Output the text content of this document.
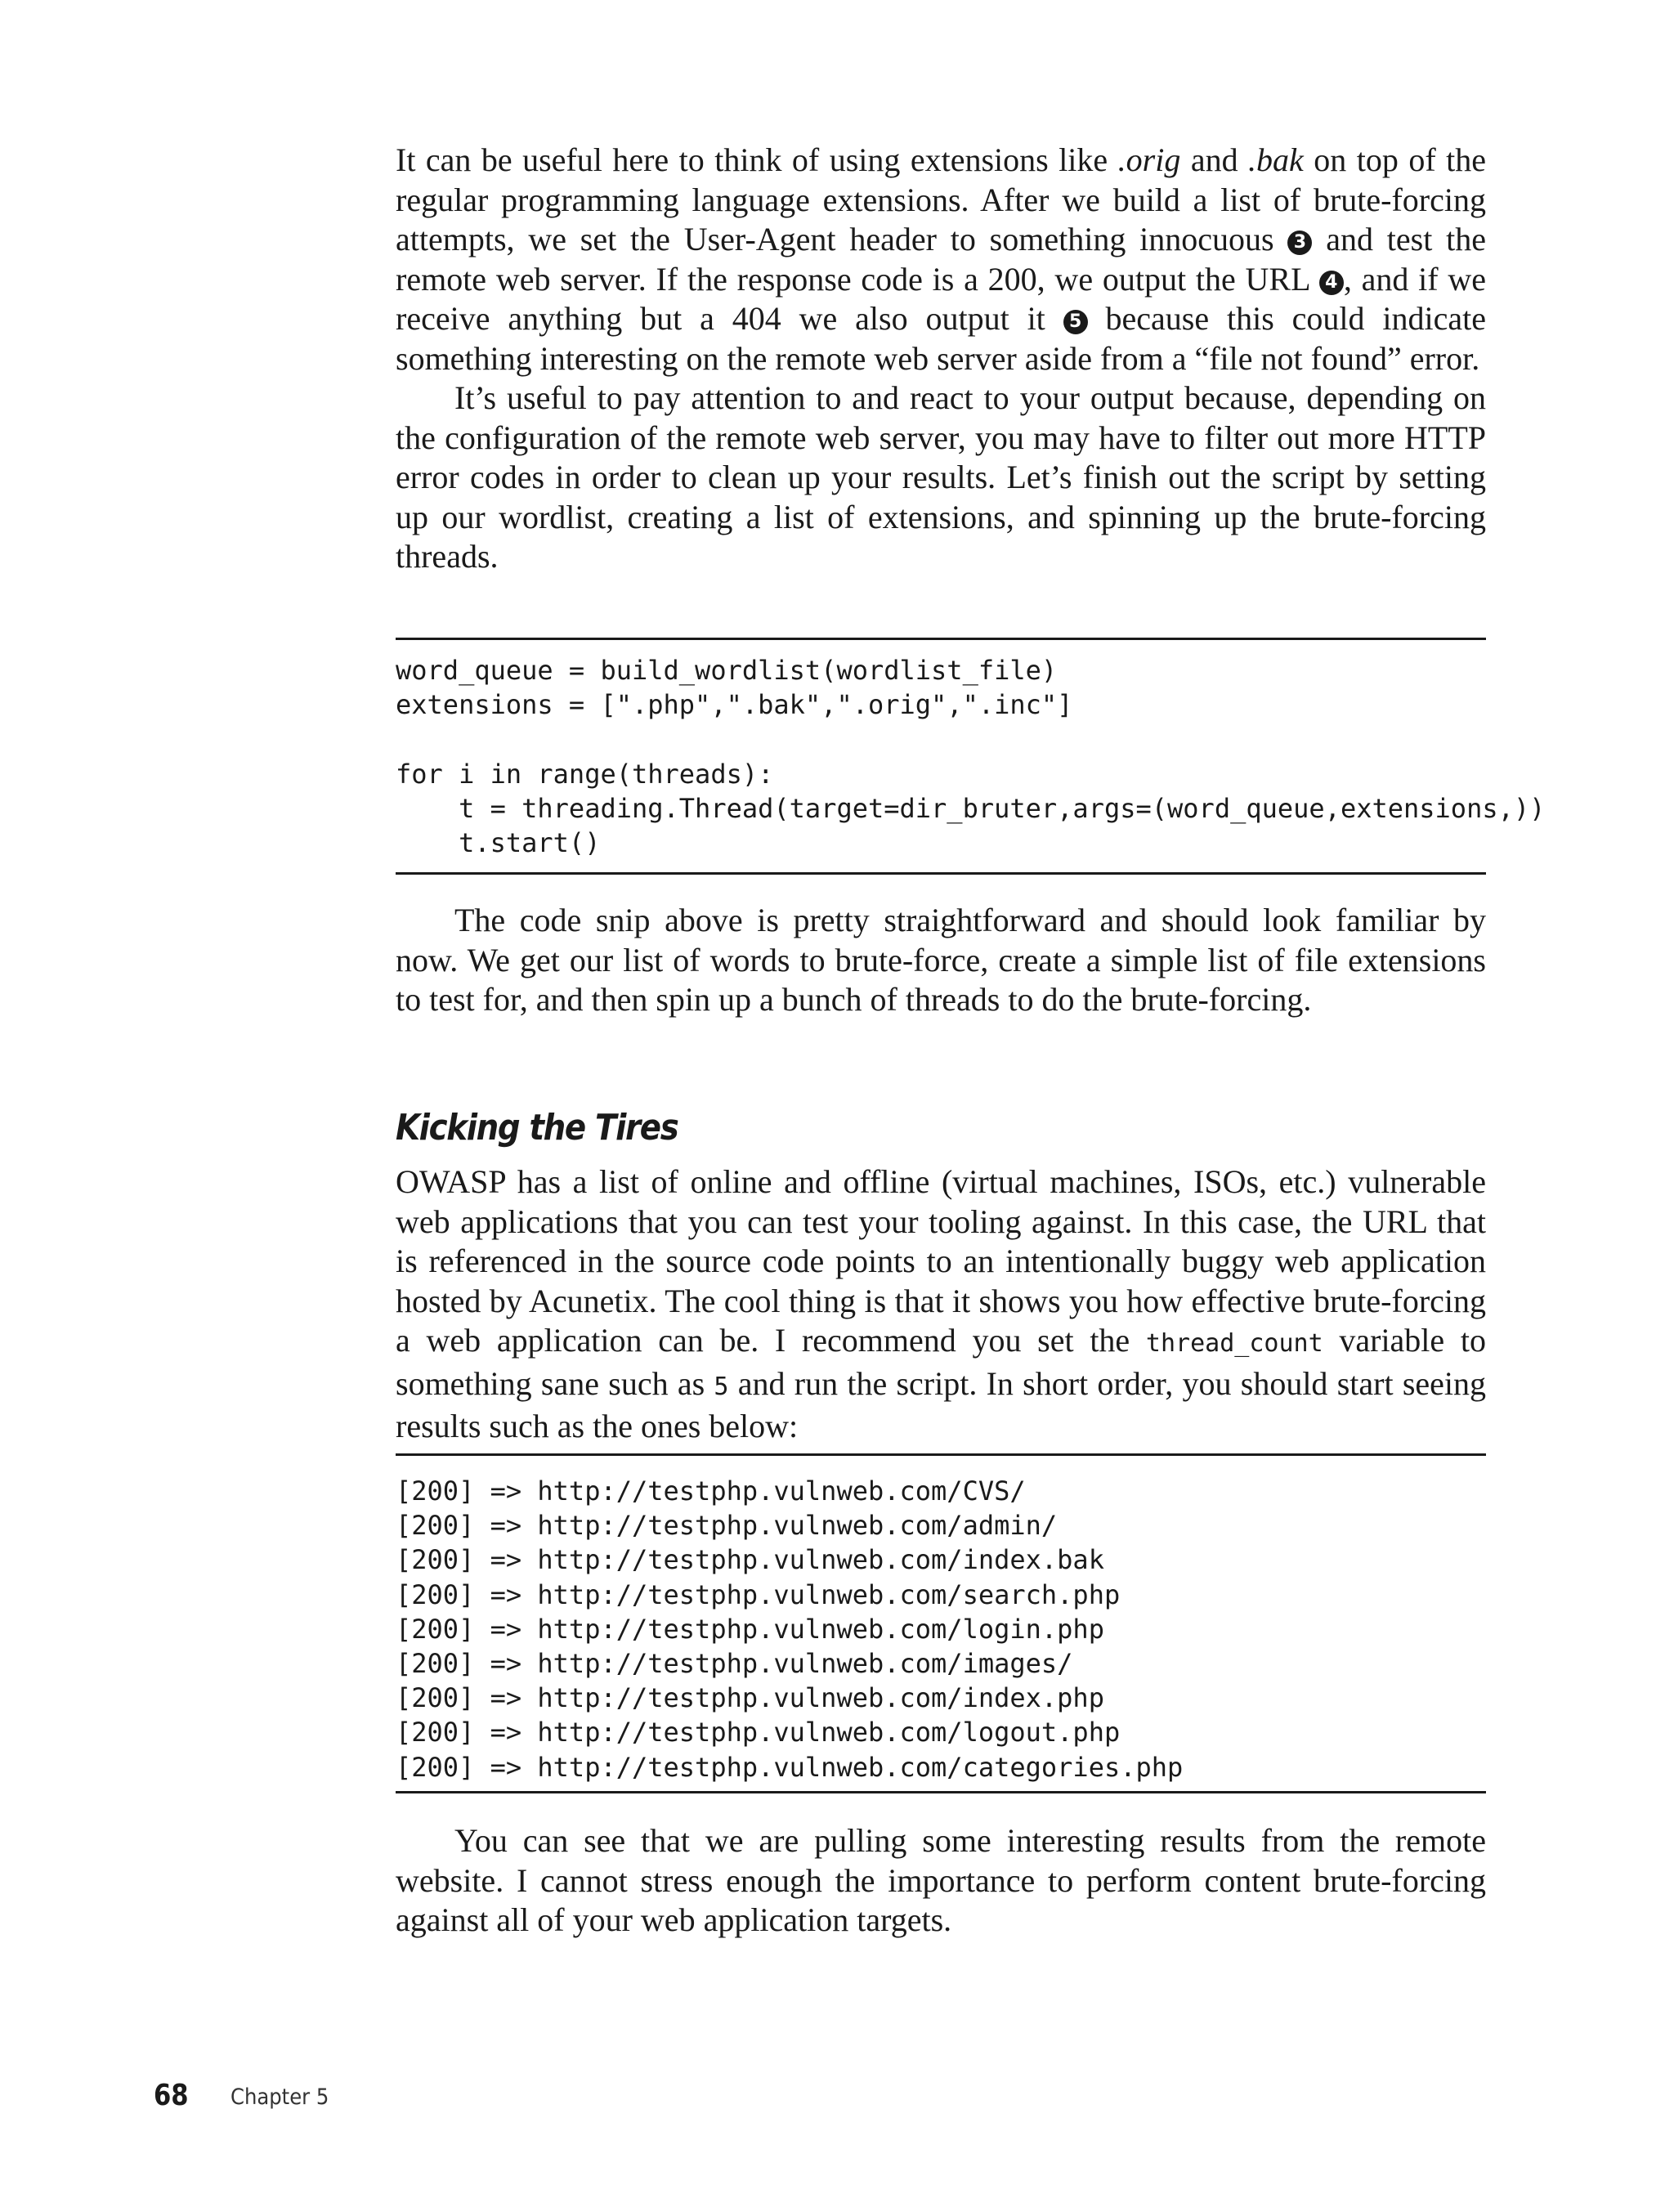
It can be useful here to think of using extensions like .orig and .bak on top of the regular programming language extensions. After we build a list of brute-forcing attempts, we set the User-Agent header to something innocuous 3 and test the remote web server. If the response code is a 200, we output the URL 4 , and if we receive anything but a 404 we also output it 5 because this could indicate something interesting on the remote web server aside from a “file not found” error.

It’s useful to pay attention to and react to your output because, depending on the configuration of the remote web server, you may have to filter out more HTTP error codes in order to clean up your results. Let’s finish out the script by setting up our wordlist, creating a list of extensions, and spinning up the brute-forcing threads.

word_queue = build_wordlist(wordlist_file)
extensions = [".php",".bak",".orig",".inc"]

for i in range(threads):
t = threading.Thread(target=dir_bruter,args=(word_queue,extensions,))
t.start()

The code snip above is pretty straightforward and should look familiar by now. We get our list of words to brute-force, create a simple list of file extensions to test for, and then spin up a bunch of threads to do the brute-forcing.

Kicking the Tires

OWASP has a list of online and offline (virtual machines, ISOs, etc.) vulnerable web applications that you can test your tooling against. In this case, the URL that is referenced in the source code points to an intentionally buggy web application hosted by Acunetix. The cool thing is that it shows you how effective brute-forcing a web application can be. I recommend you set the thread_count variable to something sane such as 5 and run the script. In short order, you should start seeing results such as the ones below:

[200] => http://testphp.vulnweb.com/CVS/
[200] => http://testphp.vulnweb.com/admin/
[200] => http://testphp.vulnweb.com/index.bak
[200] => http://testphp.vulnweb.com/search.php
[200] => http://testphp.vulnweb.com/login.php
[200] => http://testphp.vulnweb.com/images/
[200] => http://testphp.vulnweb.com/index.php
[200] => http://testphp.vulnweb.com/logout.php
[200] => http://testphp.vulnweb.com/categories.php

You can see that we are pulling some interesting results from the remote website. I cannot stress enough the importance to perform content brute-forcing against all of your web application targets.

68 Chapter 5
